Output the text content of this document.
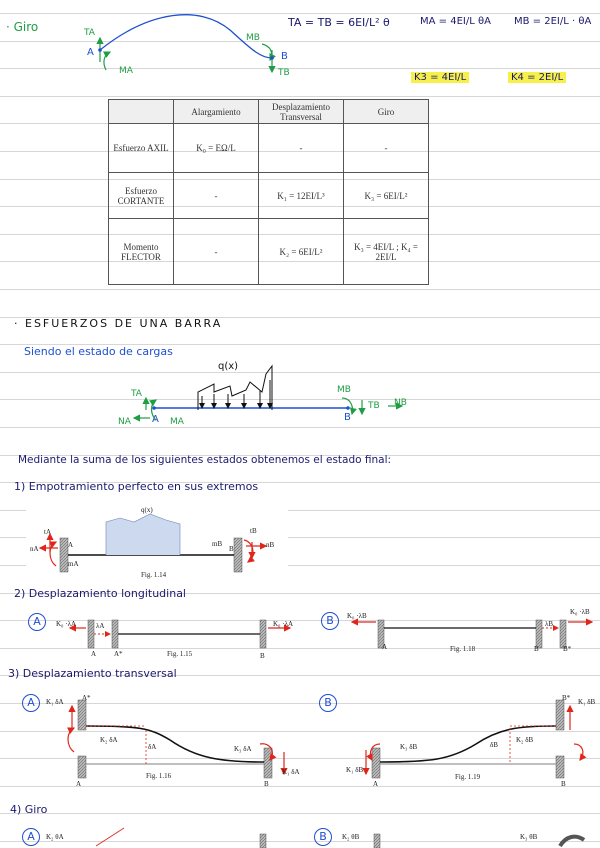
· Giro	TA	MB
A	B
MA	TB
TA = TB = 6EI/L² θ	MA = 4EI/L θA MB = 2EI/L · θA
K3 = 4EI/L	K4 = 2EI/L
	Alargamiento	Desplazamiento Transversal	Giro
Esfuerzo AXIL	K₀ = EΩ/L	-	-
Esfuerzo CORTANTE	-	K₁ = 12EI/L³	K₃ = 6EI/L²
Momento FLECTOR	-	K₂ = 6EI/L²	K₃ = 4EI/L ; K₄ = 2EI/L
· ESFUERZOS DE UNA BARRA
Siendo el estado de cargas
q(x)
TA
NA A MA
MB
TB NB
B
Mediante la suma de los siguientes estados obtenemos el estado final:
1) Empotramiento perfecto en sus extremos
2) Desplazamiento longitudinal
A	B
3) Desplazamiento transversal
A	B
4) Giro
A	B
q(x)
tA
nA	A
mA
tB
mB	nB
B
Fig. 1.14
K₀ ·λA	λA	K₀ ·λA
A	A*	B
Fig. 1.15
K₀ ·λB
λB
K₀ ·λB
A	B	B*
Fig. 1.18
K₁ δA	A*
K₂ δA
δA	K₃ δA
K₁ δA
A	B
Fig. 1.16
B* K₁ δB
K₃ δB	δB
K₂ δB
K₁ δB
A	B
Fig. 1.19
K₂ θA	K₂ θB	K₃ θB
